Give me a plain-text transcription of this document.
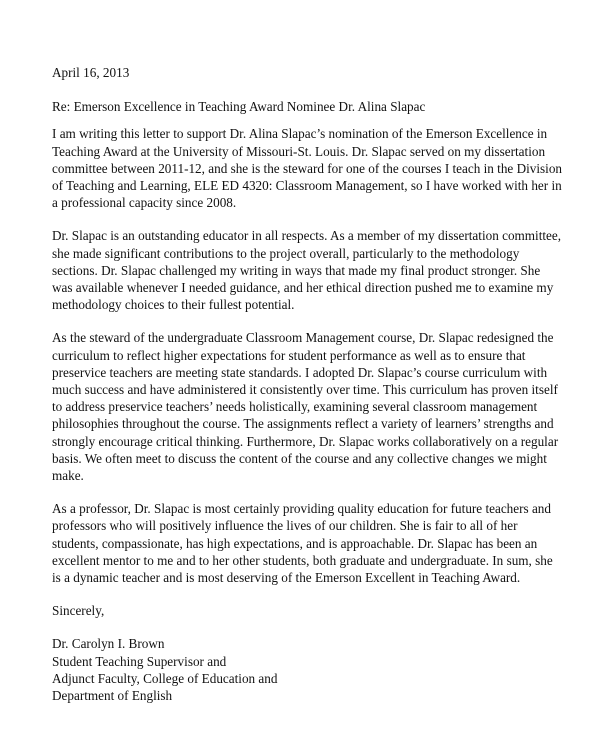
April 16, 2013

Re: Emerson Excellence in Teaching Award Nominee Dr. Alina Slapac

I am writing this letter to support Dr. Alina Slapac’s nomination of the Emerson Excellence in
Teaching Award at the University of Missouri-St. Louis. Dr. Slapac served on my dissertation
committee between 2011-12, and she is the steward for one of the courses I teach in the Division
of Teaching and Learning, ELE ED 4320: Classroom Management, so I have worked with her in
a professional capacity since 2008.

Dr. Slapac is an outstanding educator in all respects. As a member of my dissertation committee,
she made significant contributions to the project overall, particularly to the methodology
sections. Dr. Slapac challenged my writing in ways that made my final product stronger. She
was available whenever I needed guidance, and her ethical direction pushed me to examine my
methodology choices to their fullest potential.

As the steward of the undergraduate Classroom Management course, Dr. Slapac redesigned the
curriculum to reflect higher expectations for student performance as well as to ensure that
preservice teachers are meeting state standards. I adopted Dr. Slapac’s course curriculum with
much success and have administered it consistently over time. This curriculum has proven itself
to address preservice teachers’ needs holistically, examining several classroom management
philosophies throughout the course. The assignments reflect a variety of learners’ strengths and
strongly encourage critical thinking. Furthermore, Dr. Slapac works collaboratively on a regular
basis. We often meet to discuss the content of the course and any collective changes we might
make.

As a professor, Dr. Slapac is most certainly providing quality education for future teachers and
professors who will positively influence the lives of our children. She is fair to all of her
students, compassionate, has high expectations, and is approachable. Dr. Slapac has been an
excellent mentor to me and to her other students, both graduate and undergraduate. In sum, she
is a dynamic teacher and is most deserving of the Emerson Excellent in Teaching Award.

Sincerely,

Dr. Carolyn I. Brown
Student Teaching Supervisor and
Adjunct Faculty, College of Education and
Department of English
